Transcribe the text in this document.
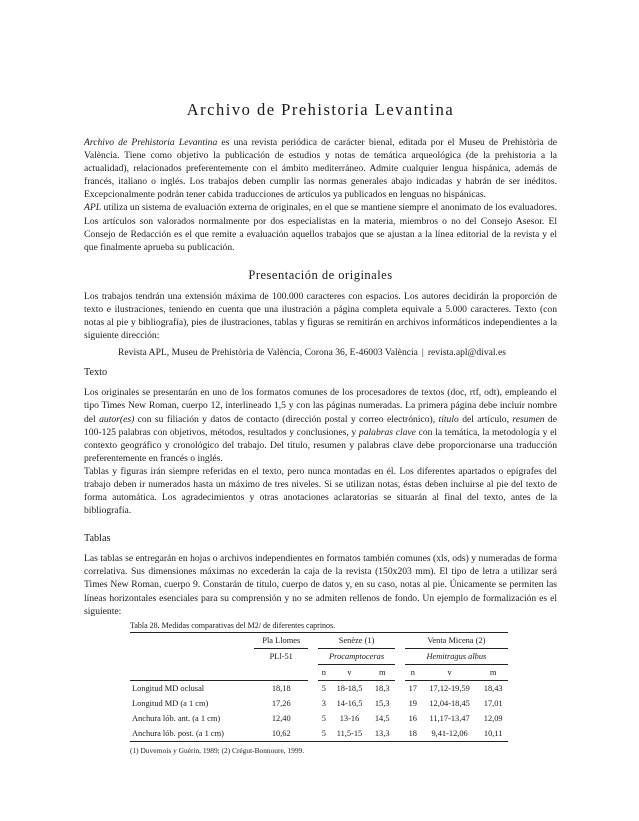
Archivo de Prehistoria Levantina

Archivo de Prehistoria Levantina es una revista periódica de carácter bienal, editada por el Museu de Prehistòria de València. Tiene como objetivo la publicación de estudios y notas de temática arqueológica (de la prehistoria a la actualidad), relacionados preferentemente con el ámbito mediterráneo. Admite cualquier lengua hispánica, además de francés, italiano o inglés. Los trabajos deben cumplir las normas generales abajo indicadas y habrán de ser inéditos. Excepcionalmente podrán tener cabida traducciones de artículos ya publicados en lenguas no hispánicas.

APL utiliza un sistema de evaluación externa de originales, en el que se mantiene siempre el anonimato de los evaluadores. Los artículos son valorados normalmente por dos especialistas en la materia, miembros o no del Consejo Asesor. El Consejo de Redacción es el que remite a evaluación aquellos trabajos que se ajustan a la línea editorial de la revista y el que finalmente aprueba su publicación.

Presentación de originales

Los trabajos tendrán una extensión máxima de 100.000 caracteres con espacios. Los autores decidirán la proporción de texto e ilustraciones, teniendo en cuenta que una ilustración a página completa equivale a 5.000 caracteres. Texto (con notas al pie y bibliografía), pies de ilustraciones, tablas y figuras se remitirán en archivos informáticos independientes a la siguiente dirección:

Revista APL, Museu de Prehistòria de València, Corona 36, E-46003 València | revista.apl@dival.es
Texto

Los originales se presentarán en uno de los formatos comunes de los procesadores de textos (doc, rtf, odt), empleando el tipo Times New Roman, cuerpo 12, interlineado 1,5 y con las páginas numeradas. La primera página debe incluir nombre del autor(es) con su filiación y datos de contacto (dirección postal y correo electrónico), título del artículo, resumen de 100-125 palabras con objetivos, métodos, resultados y conclusiones, y palabras clave con la temática, la metodología y el contexto geográfico y cronológico del trabajo. Del título, resumen y palabras clave debe proporcionarse una traducción preferentemente en francés o inglés.

Tablas y figuras irán siempre referidas en el texto, pero nunca montadas en él. Los diferentes apartados o epígrafes del trabajo deben ir numerados hasta un máximo de tres niveles. Si se utilizan notas, éstas deben incluirse al pie del texto de forma automática. Los agradecimientos y otras anotaciones aclaratorias se situarán al final del texto, antes de la bibliografía.

Tablas

Las tablas se entregarán en hojas o archivos independientes en formatos también comunes (xls, ods) y numeradas de forma correlativa. Sus dimensiones máximas no excederán la caja de la revista (150x203 mm). El tipo de letra a utilizar será Times New Roman, cuerpo 9. Constarán de título, cuerpo de datos y, en su caso, notas al pie. Únicamente se permiten las líneas horizontales esenciales para su comprensión y no se admiten rellenos de fondo. Un ejemplo de formalización es el siguiente:

Tabla 28. Medidas comparativas del M2/ de diferentes caprinos.
	Pla Llomes		Senèze (1)				Venta Micena (2)		
	PLl-51		Procamptoceras				Hemitragus albus		
			n	v	m		n	v	m
Longitud MD oclusal	18,18		5	18-18,5	18,3		17	17,12-19,59	18,43
Longitud MD (a 1 cm)	17,26		3	14-16,5	15,3		19	12,04-18,45	17,01
Anchura lób. ant. (a 1 cm)	12,40		5	13-16	14,5		16	11,17-13,47	12,09
Anchura lób. post. (a 1 cm)	10,62		5	11,5-15	13,3		18	9,41-12,06	10,11
(1) Duvernois y Guérin, 1989; (2) Crégut-Bonnoure, 1999.
